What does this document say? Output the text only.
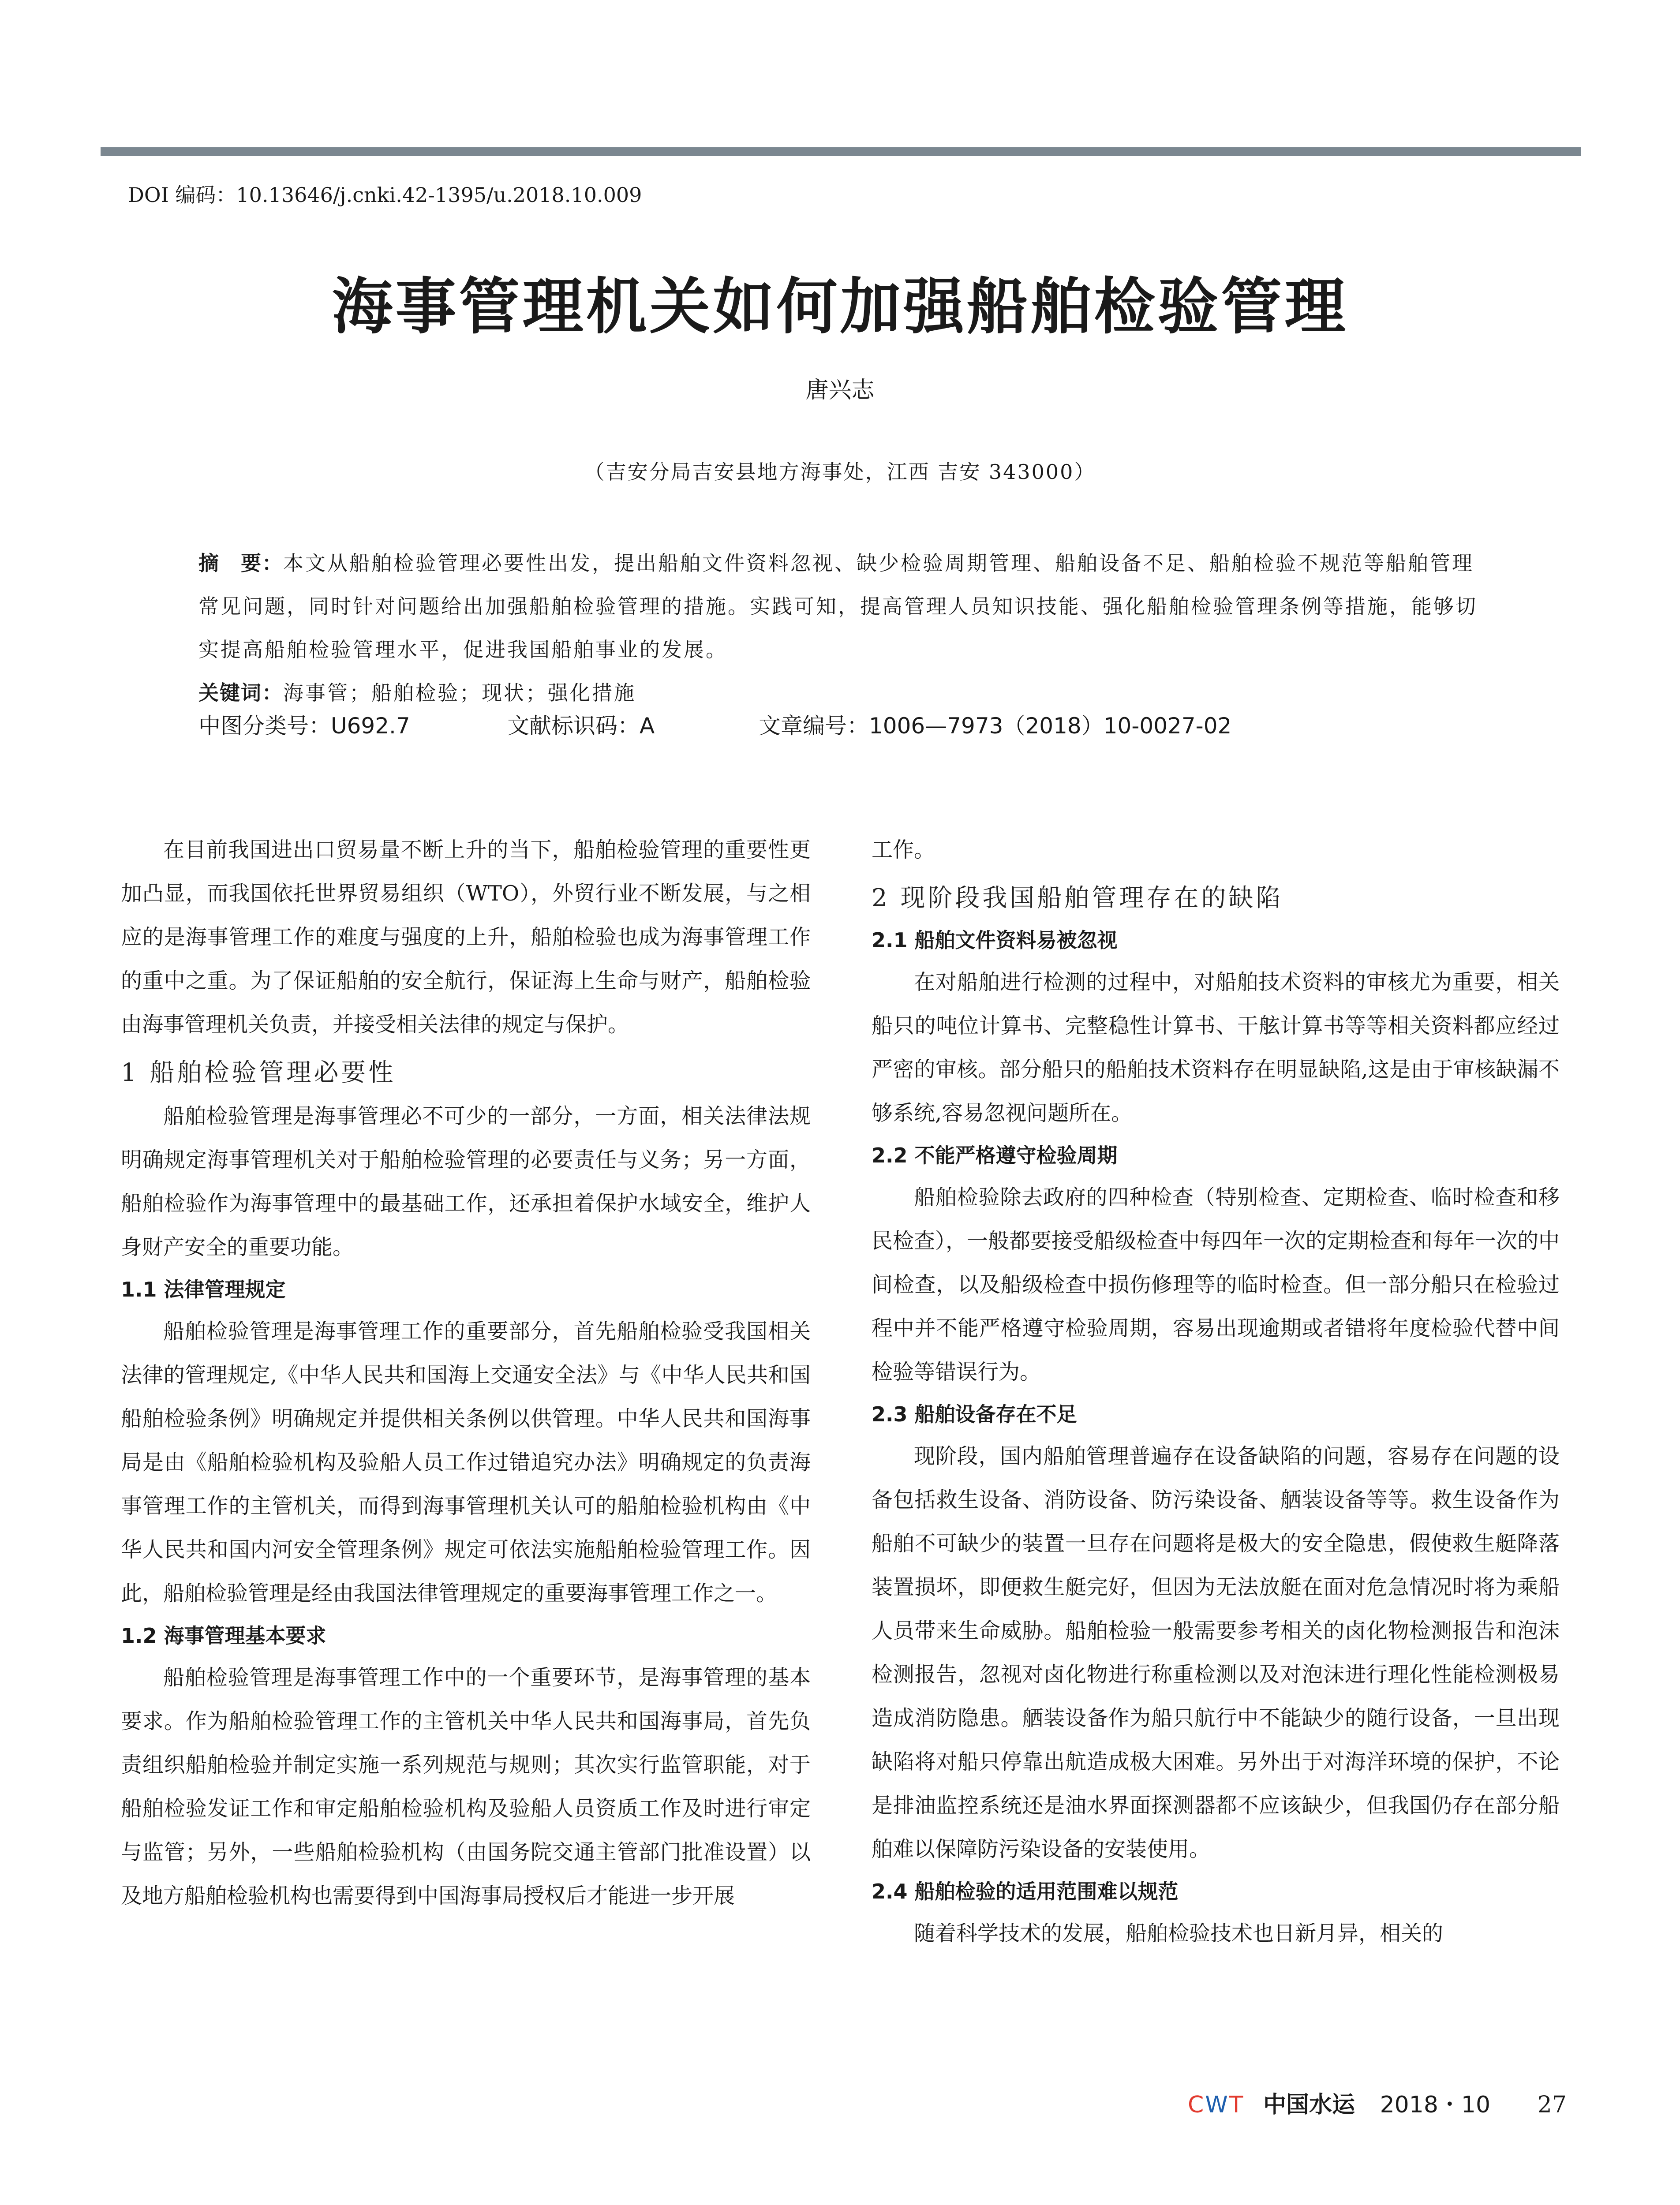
DOI 编码：10.13646/j.cnki.42-1395/u.2018.10.009
海事管理机关如何加强船舶检验管理
唐兴志
（吉安分局吉安县地方海事处，江西 吉安 343000）

摘　要：本文从船舶检验管理必要性出发，提出船舶文件资料忽视、缺少检验周期管理、船舶设备不足、船舶检验不规范等船舶管理常见问题，同时针对问题给出加强船舶检验管理的措施。实践可知，提高管理人员知识技能、强化船舶检验管理条例等措施，能够切实提高船舶检验管理水平，促进我国船舶事业的发展。

关键词：海事管；船舶检验；现状；强化措施

中图分类号：U692.7	文献标识码：A	文章编号：1006—7973（2018）10-0027-02

在目前我国进出口贸易量不断上升的当下，船舶检验管理的重要性更加凸显，而我国依托世界贸易组织（WTO），外贸行业不断发展，与之相应的是海事管理工作的难度与强度的上升，船舶检验也成为海事管理工作的重中之重。为了保证船舶的安全航行，保证海上生命与财产，船舶检验由海事管理机关负责，并接受相关法律的规定与保护。

1 船舶检验管理必要性

船舶检验管理是海事管理必不可少的一部分，一方面，相关法律法规明确规定海事管理机关对于船舶检验管理的必要责任与义务；另一方面，船舶检验作为海事管理中的最基础工作，还承担着保护水域安全，维护人身财产安全的重要功能。

1.1 法律管理规定

船舶检验管理是海事管理工作的重要部分，首先船舶检验受我国相关法律的管理规定,《中华人民共和国海上交通安全法》与《中华人民共和国船舶检验条例》明确规定并提供相关条例以供管理。中华人民共和国海事局是由《船舶检验机构及验船人员工作过错追究办法》明确规定的负责海事管理工作的主管机关，而得到海事管理机关认可的船舶检验机构由《中华人民共和国内河安全管理条例》规定可依法实施船舶检验管理工作。因此，船舶检验管理是经由我国法律管理规定的重要海事管理工作之一。

1.2 海事管理基本要求

船舶检验管理是海事管理工作中的一个重要环节，是海事管理的基本要求。作为船舶检验管理工作的主管机关中华人民共和国海事局，首先负责组织船舶检验并制定实施一系列规范与规则；其次实行监管职能，对于船舶检验发证工作和审定船舶检验机构及验船人员资质工作及时进行审定与监管；另外，一些船舶检验机构（由国务院交通主管部门批准设置）以及地方船舶检验机构也需要得到中国海事局授权后才能进一步开展

工作。

2 现阶段我国船舶管理存在的缺陷
2.1 船舶文件资料易被忽视

在对船舶进行检测的过程中，对船舶技术资料的审核尤为重要，相关船只的吨位计算书、完整稳性计算书、干舷计算书等等相关资料都应经过严密的审核。部分船只的船舶技术资料存在明显缺陷,这是由于审核缺漏不够系统,容易忽视问题所在。

2.2 不能严格遵守检验周期

船舶检验除去政府的四种检查（特别检查、定期检查、临时检查和移民检查），一般都要接受船级检查中每四年一次的定期检查和每年一次的中间检查，以及船级检查中损伤修理等的临时检查。但一部分船只在检验过程中并不能严格遵守检验周期，容易出现逾期或者错将年度检验代替中间检验等错误行为。

2.3 船舶设备存在不足

现阶段，国内船舶管理普遍存在设备缺陷的问题，容易存在问题的设备包括救生设备、消防设备、防污染设备、舾装设备等等。救生设备作为船舶不可缺少的装置一旦存在问题将是极大的安全隐患，假使救生艇降落装置损坏，即便救生艇完好，但因为无法放艇在面对危急情况时将为乘船人员带来生命威胁。船舶检验一般需要参考相关的卤化物检测报告和泡沫检测报告，忽视对卤化物进行称重检测以及对泡沫进行理化性能检测极易造成消防隐患。舾装设备作为船只航行中不能缺少的随行设备，一旦出现缺陷将对船只停靠出航造成极大困难。另外出于对海洋环境的保护，不论是排油监控系统还是油水界面探测器都不应该缺少，但我国仍存在部分船舶难以保障防污染设备的安装使用。

2.4 船舶检验的适用范围难以规范

随着科学技术的发展，船舶检验技术也日新月异，相关的

CWT 中国水运 2018・10 27
